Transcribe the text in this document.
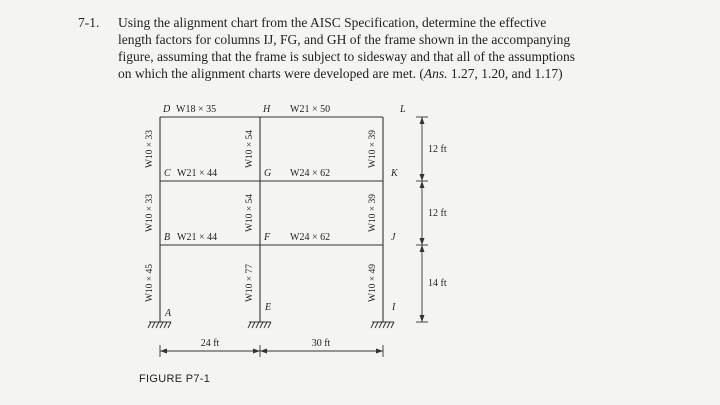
7-1. Using the alignment chart from the AISC Specification, determine the effective
length factors for columns IJ, FG, and GH of the frame shown in the accompanying
figure, assuming that the frame is subject to sidesway and that all of the assumptions
on which the alignment charts were developed are met. (Ans. 1.27, 1.20, and 1.17)
W18 × 35	W21 × 50
W21 × 44	W24 × 62
W21 × 44	W24 × 62
D	H	L
C	G	K
B	F	J
A
E	I
W10 × 33
W10 × 33
W10 × 45
W10 × 54
W10 × 54
W10 × 77
W10 × 39
W10 × 39
W10 × 49
12 ft
12 ft
14 ft
24 ft	30 ft
FIGURE P7-1
